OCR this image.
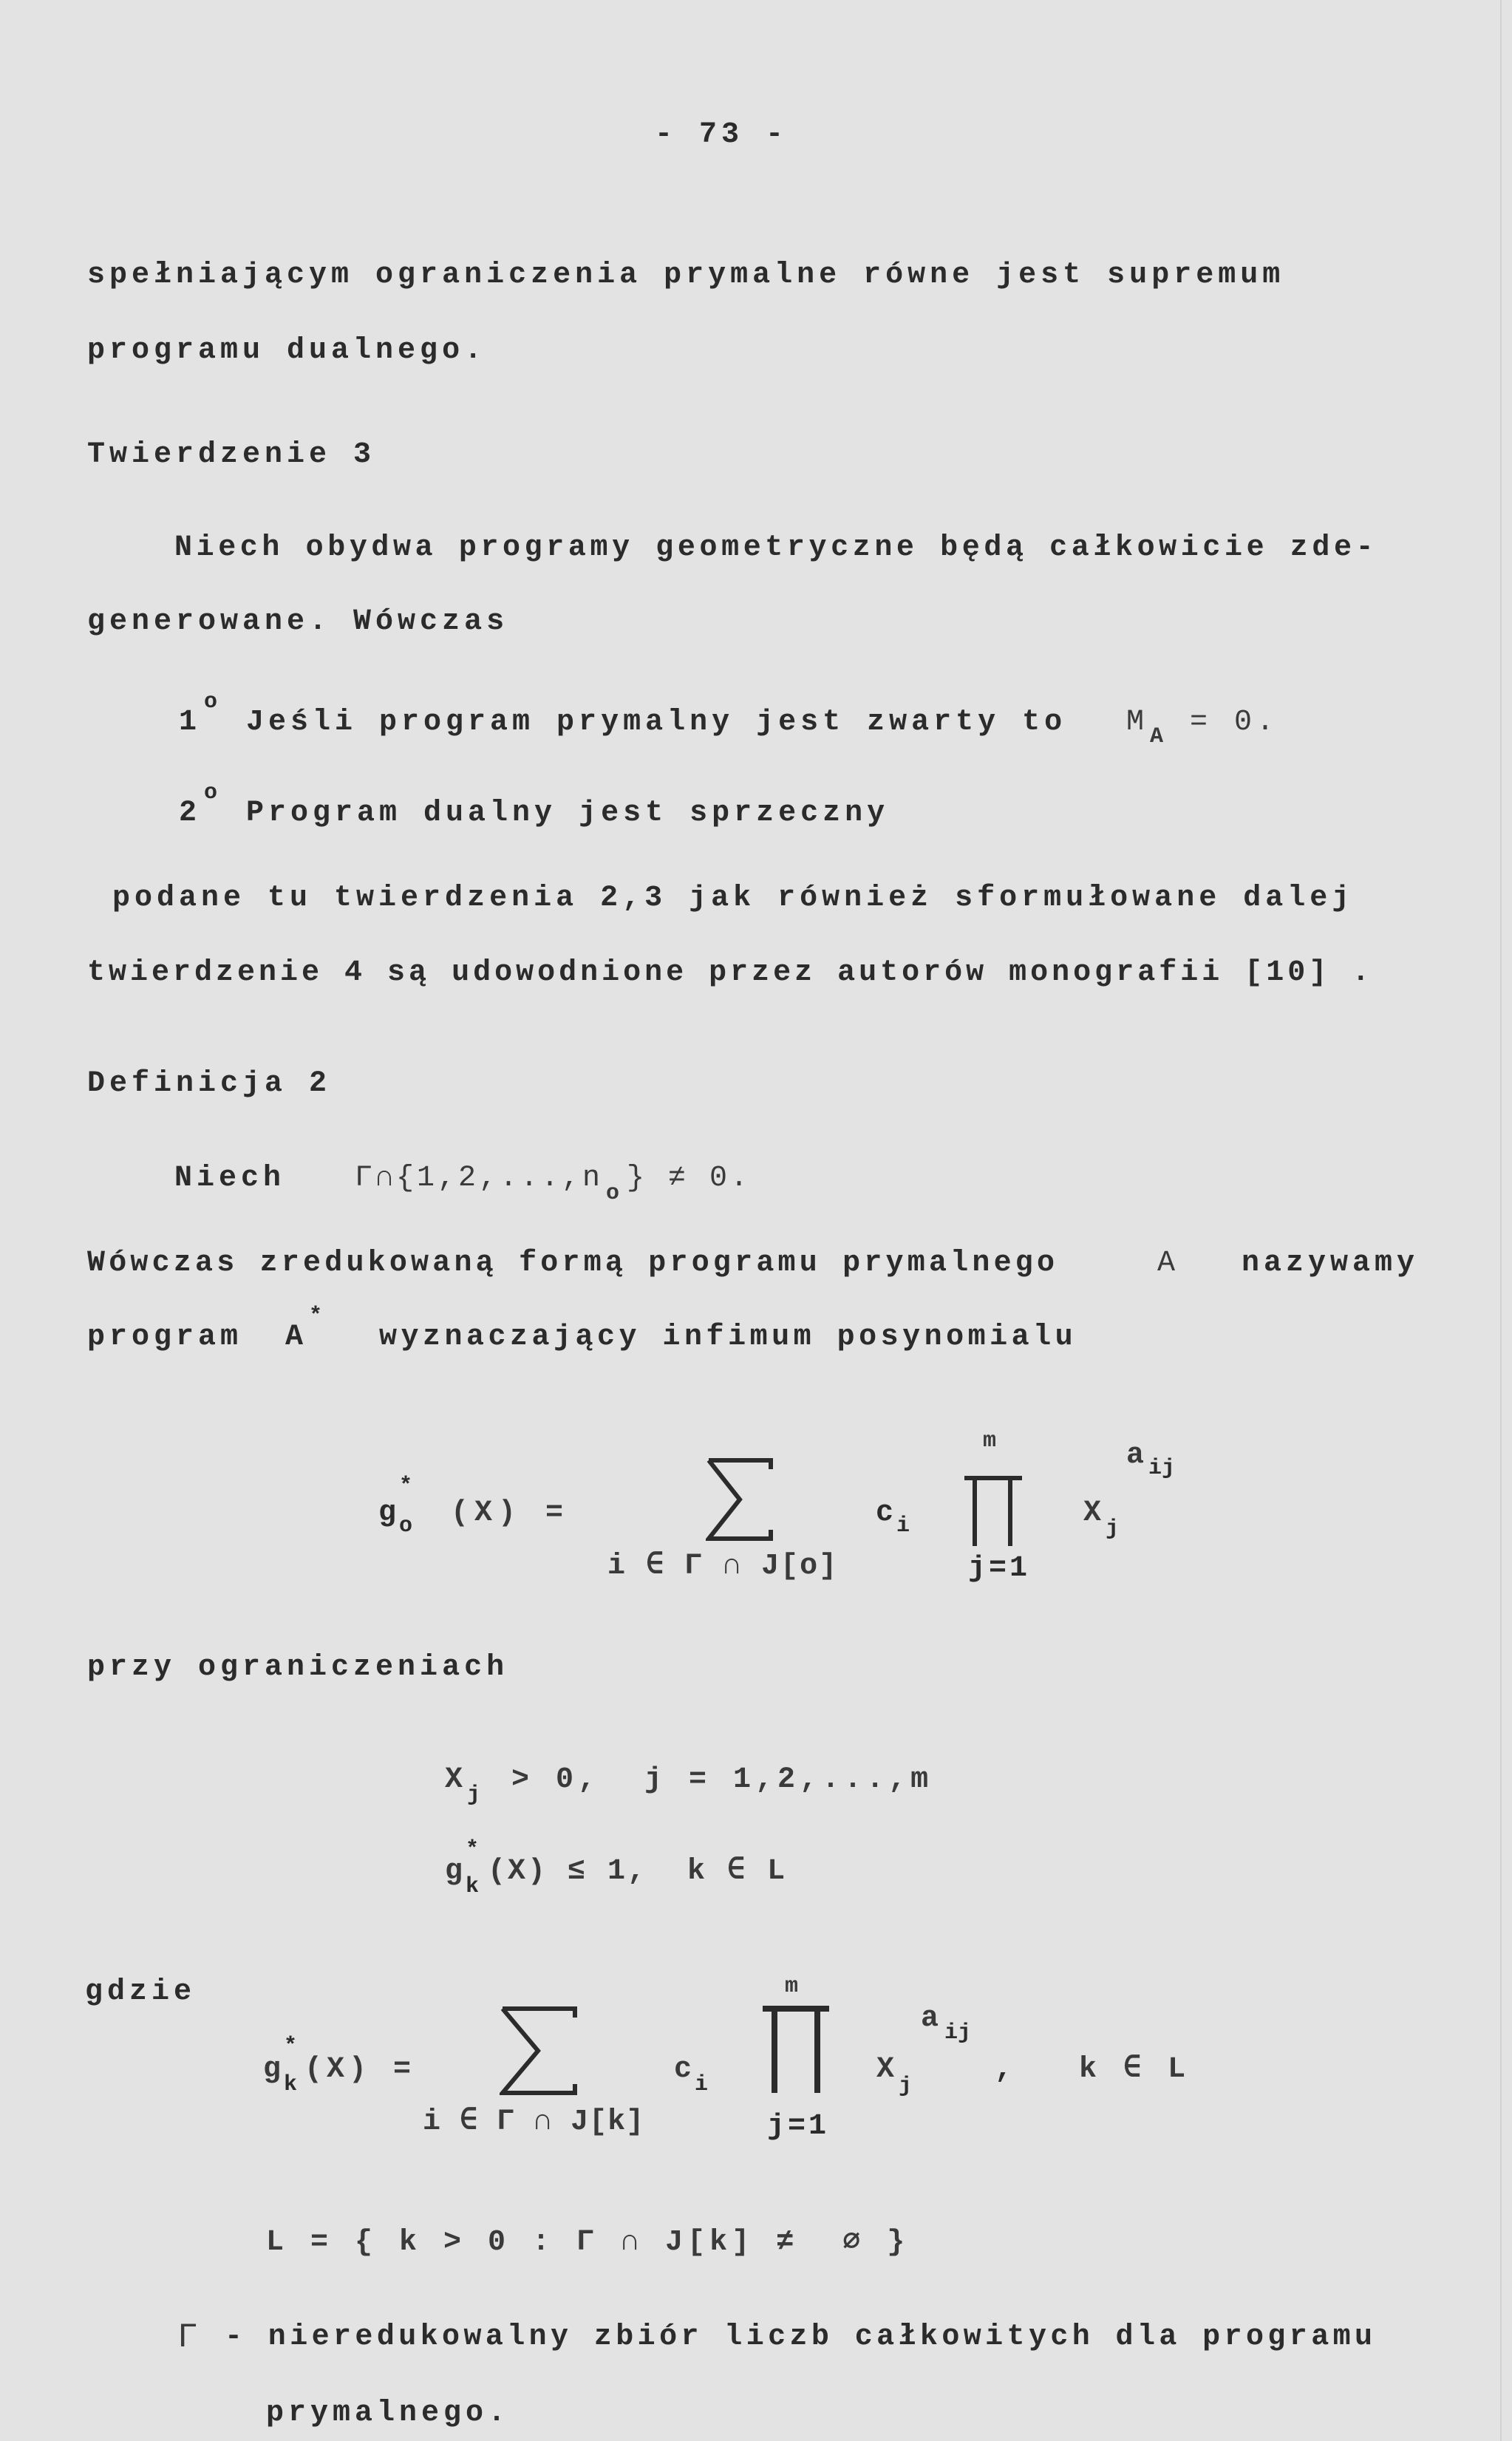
- 73 -
spełniającym ograniczenia prymalne równe jest supremum
programu dualnego.
Twierdzenie 3
Niech obydwa programy geometryczne będą całkowicie zde-
generowane. Wówczas
1
o
Jeśli program prymalny jest zwarty to M A = 0.
2
o
Program dualny jest sprzeczny
podane tu twierdzenia 2,3 jak również sformułowane dalej
twierdzenie 4 są udowodnione przez autorów monografii [10] .
Definicja 2
Niech Γ∩{1,2,...,n o } ≠ 0.
Wówczas zredukowaną formą programu prymalnego	A nazywamy
program A
*
wyznaczający infimum posynomialu
g
*
o (X) =
i ∈ Γ ∩ J[o]
c i
m
j=1
X j
a ij
przy ograniczeniach
X j > 0,  j = 1,2,...,m
g
*
k (X) ≤ 1,  k ∈ L
gdzie
g
*
k (X) =
i ∈ Γ ∩ J[k]
c i
m
j=1
X j
a ij
, k ∈ L
L = { k > 0 : Γ ∩ J[k] ≠  ∅ }
Γ - nieredukowalny zbiór liczb całkowitych dla programu
prymalnego.
